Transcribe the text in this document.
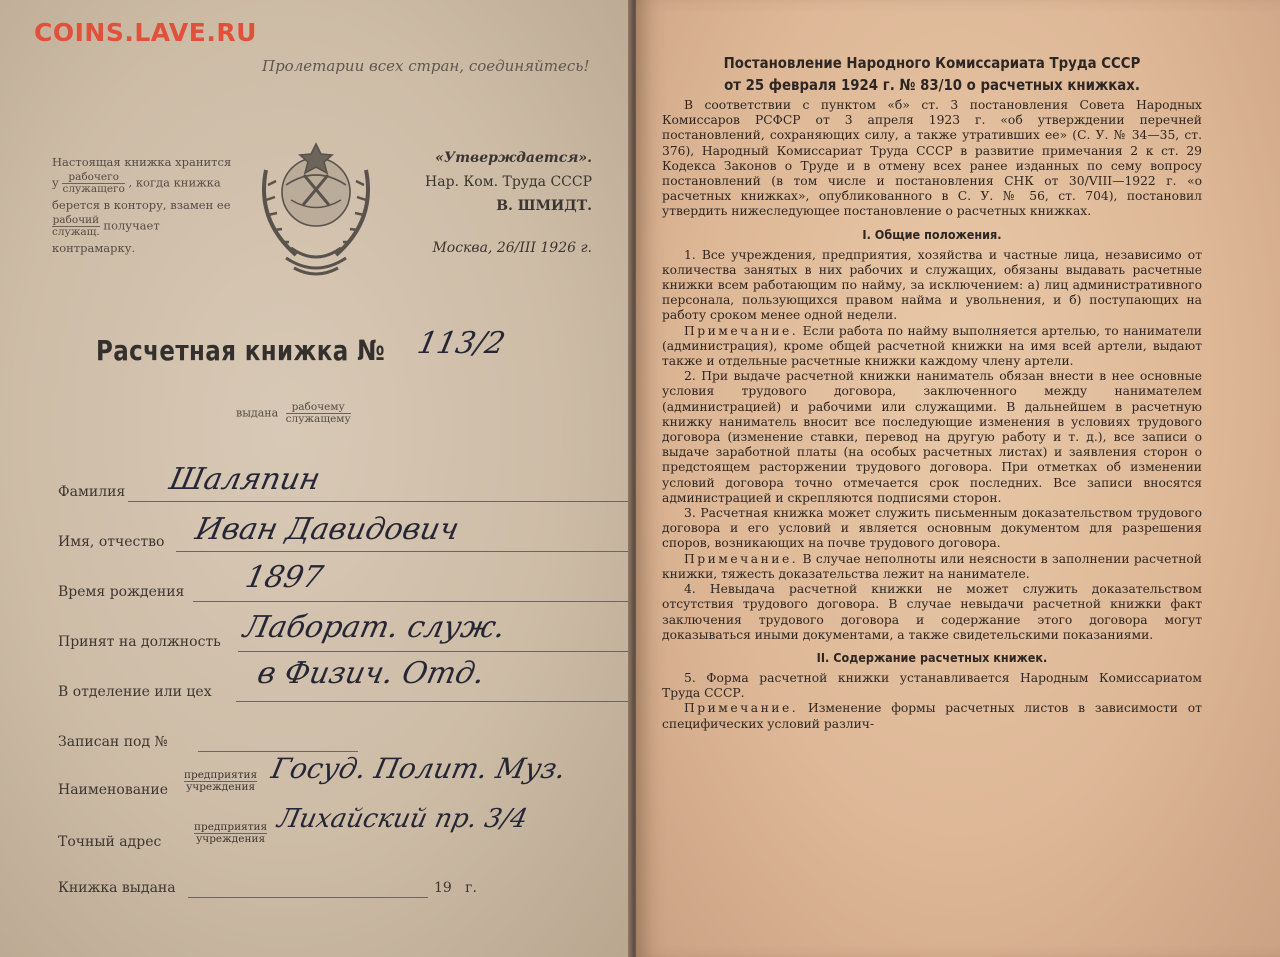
Пролетарии всех стран, соединяйтесь!
Настоящая книжка хранится у рабочего
служащего , когда книжка берется в контору, взамен ее
рабочий
служащ. получает контрамарку.
«Утверждается».
Нар. Ком. Труда СССР
В. ШМИДТ.
Москва, 26/III 1926 г.
Расчетная книжка № 113/2
выдана	рабочему
служащему
Фамилия Шаляпин
Имя, отчество Иван Давидович
Время рождения 1897
Принят на должность Лаборат. служ.
В отделение или цех
в Физич. Отд.
Записан под №
Наименование
предприятия
учреждения
Госуд. Полит. Муз.
Точный адрес
предприятия
учреждения
Лихайский пр. 3/4
Книжка выдана	19   г.
Постановление Народного Комиссариата Труда СССР
от 25 февраля 1924 г. № 83/10 о расчетных книжках.

В соответствии с пунктом «б» ст. 3 постановления Совета Народных Комиссаров РСФСР от 3 апреля 1923 г. «об утверждении перечней постановлений, сохраняющих силу, а также утративших ее» (С. У. № 34—35, ст. 376), Народный Комиссариат Труда СССР в развитие примечания 2 к ст. 29 Кодекса Законов о Труде и в отмену всех ранее изданных по сему вопросу постановлений (в том числе и постановления СНК от 30/VIII—1922 г. «о расчетных книжках», опубликованного в С. У. № 56, ст. 704), постановил утвердить нижеследующее постановление о расчетных книжках.

I. Общие положения.

1. Все учреждения, предприятия, хозяйства и частные лица, независимо от количества занятых в них рабочих и служащих, обязаны выдавать расчетные книжки всем работающим по найму, за исключением: а) лиц административного персонала, пользующихся правом найма и увольнения, и б) поступающих на работу сроком менее одной недели.

Примечание. Если работа по найму выполняется артелью, то наниматели (администрация), кроме общей расчетной книжки на имя всей артели, выдают также и отдельные расчетные книжки каждому члену артели.

2. При выдаче расчетной книжки наниматель обязан внести в нее основные условия трудового договора, заключенного между нанимателем (администрацией) и рабочими или служащими. В дальнейшем в расчетную книжку наниматель вносит все последующие изменения в условиях трудового договора (изменение ставки, перевод на другую работу и т. д.), все записи о выдаче заработной платы (на особых расчетных листах) и заявления сторон о предстоящем расторжении трудового договора. При отметках об изменении условий договора точно отмечается срок последних. Все записи вносятся администрацией и скрепляются подписями сторон.

3. Расчетная книжка может служить письменным доказательством трудового договора и его условий и является основным документом для разрешения споров, возникающих на почве трудового договора.

Примечание. В случае неполноты или неясности в заполнении расчетной книжки, тяжесть доказательства лежит на нанимателе.

4. Невыдача расчетной книжки не может служить доказательством отсутствия трудового договора. В случае невыдачи расчетной книжки факт заключения трудового договора и содержание этого договора могут доказываться иными документами, а также свидетельскими показаниями.

II. Содержание расчетных книжек.

5. Форма расчетной книжки устанавливается Народным Комиссариатом Труда СССР.

Примечание. Изменение формы расчетных листов в зависимости от специфических условий различ-

COINS.LAVE.RU
